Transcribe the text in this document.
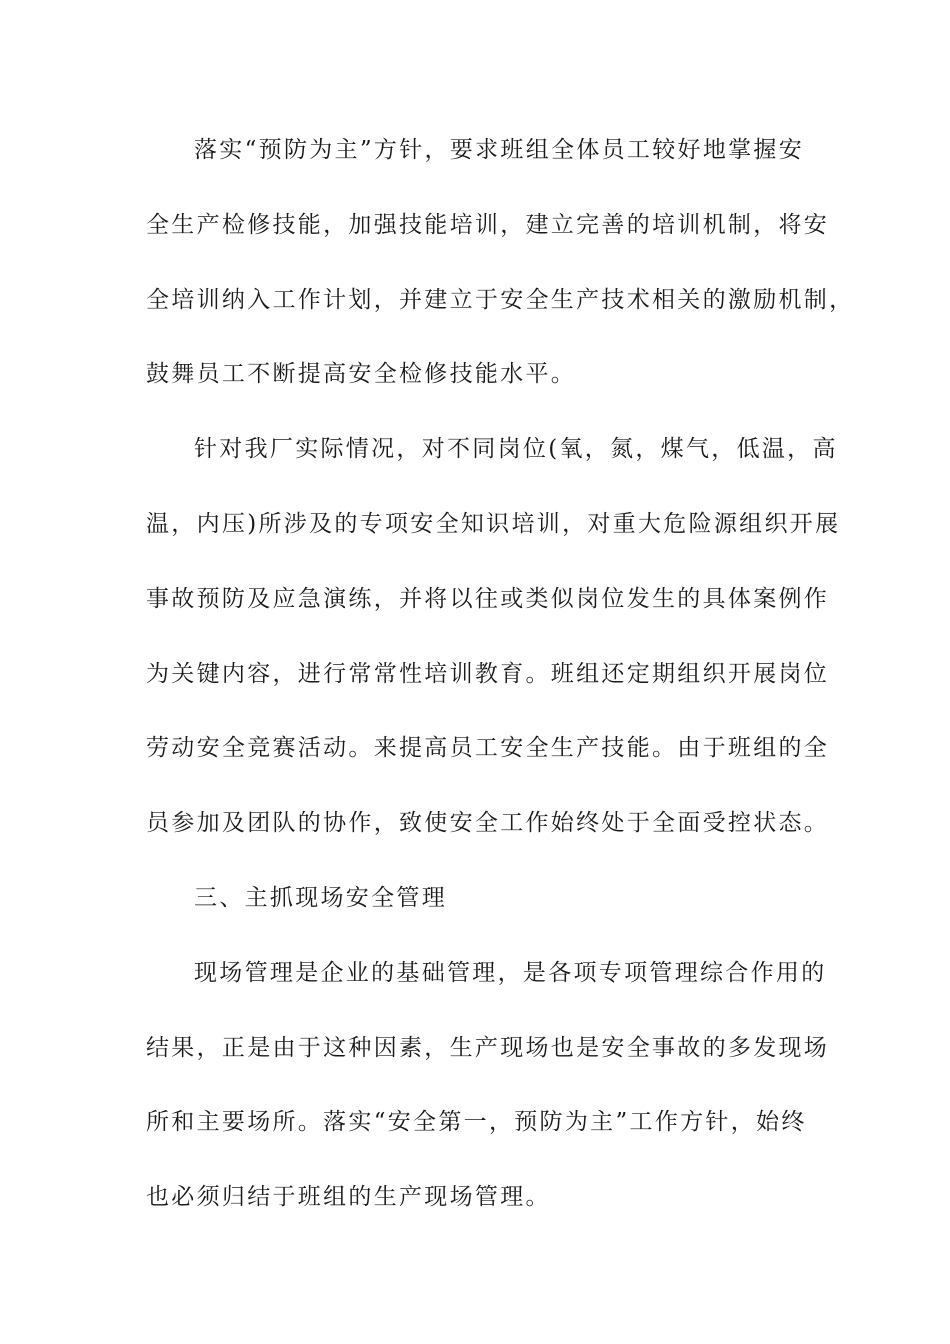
落实“预防为主”方针，要求班组全体员工较好地掌握安
全生产检修技能，加强技能培训，建立完善的培训机制，将安
全培训纳入工作计划，并建立于安全生产技术相关的激励机制，
鼓舞员工不断提高安全检修技能水平。
针对我厂实际情况，对不同岗位(氧，氮，煤气，低温，高
温，内压)所涉及的专项安全知识培训，对重大危险源组织开展
事故预防及应急演练，并将以往或类似岗位发生的具体案例作
为关键内容，进行常常性培训教育。班组还定期组织开展岗位
劳动安全竞赛活动。来提高员工安全生产技能。由于班组的全
员参加及团队的协作，致使安全工作始终处于全面受控状态。
三、主抓现场安全管理
现场管理是企业的基础管理，是各项专项管理综合作用的
结果，正是由于这种因素，生产现场也是安全事故的多发现场
所和主要场所。落实“安全第一，预防为主”工作方针，始终
也必须归结于班组的生产现场管理。
